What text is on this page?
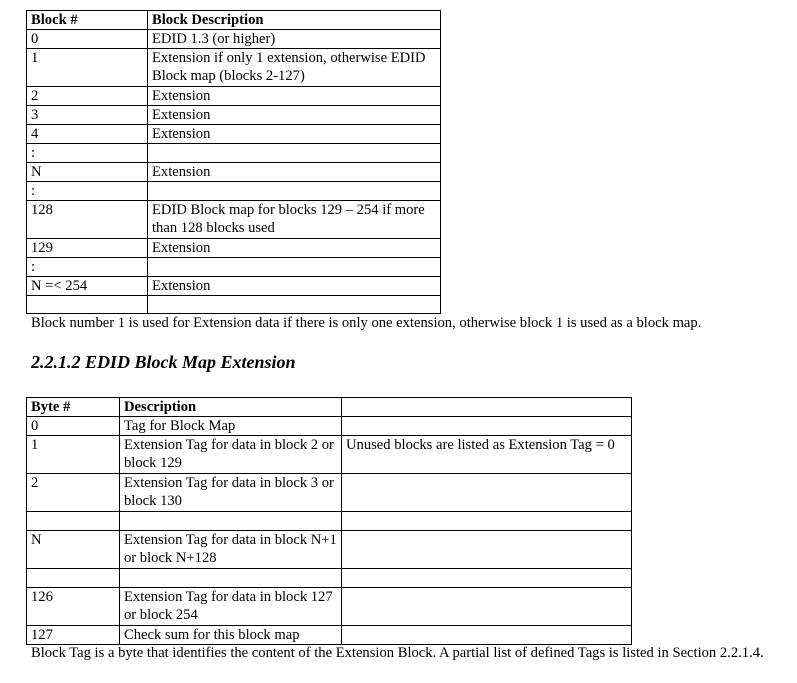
Block #	Block Description
0	EDID 1.3 (or higher)
1	Extension if only 1 extension, otherwise EDID Block map (blocks 2-127)
2	Extension
3	Extension
4	Extension
:	
N	Extension
:	
128	EDID Block map for blocks 129 – 254 if more than 128 blocks used
129	Extension
:	
N =< 254	Extension

Block number 1 is used for Extension data if there is only one extension, otherwise block 1 is used as a block map.

2.2.1.2 EDID Block Map Extension
Byte #	Description	
0	Tag for Block Map	
1	Extension Tag for data in block 2 or block 129	Unused blocks are listed as Extension Tag = 0
2	Extension Tag for data in block 3 or block 130	

N	Extension Tag for data in block N+1 or block N+128	

126	Extension Tag for data in block 127 or block 254	
127	Check sum for this block map	

Block Tag is a byte that identifies the content of the Extension Block. A partial list of defined Tags is listed in Section 2.2.1.4.
